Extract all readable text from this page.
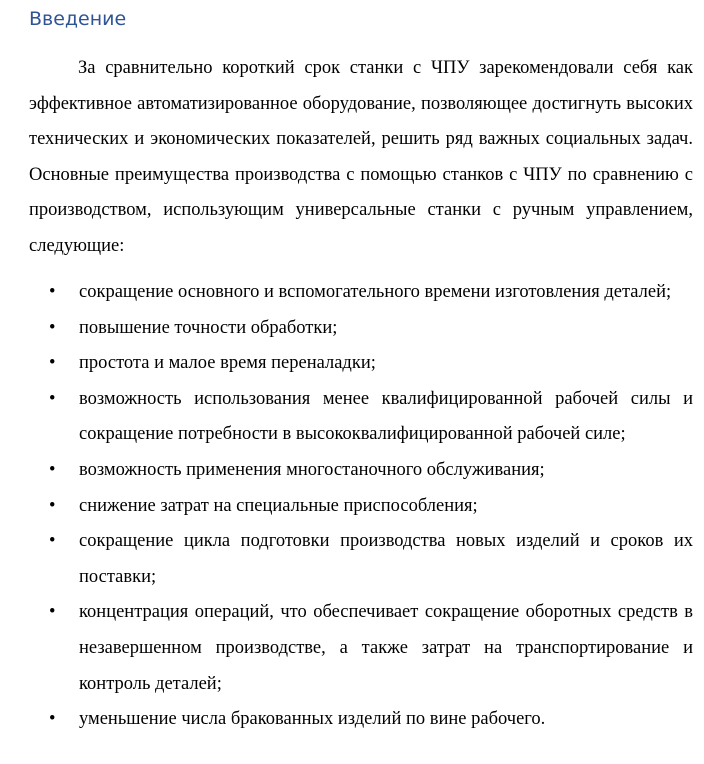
Введение

За сравнительно короткий срок станки с ЧПУ зарекомендовали себя как эффективное автоматизированное оборудование, позволяющее достигнуть высоких технических и экономических показателей, решить ряд важных социальных задач. Основные преимущества производства с помощью станков с ЧПУ по сравнению с производством, использующим универсальные станки с ручным управлением, следующие:

• сокращение основного и вспомогательного времени изготовления деталей;
• повышение точности обработки;
• простота и малое время переналадки;
• возможность использования менее квалифицированной рабочей силы и сокращение потребности в высококвалифицированной рабочей силе;
• возможность применения многостаночного обслуживания;
• снижение затрат на специальные приспособления;
• сокращение цикла подготовки производства новых изделий и сроков их поставки;
• концентрация операций, что обеспечивает сокращение оборотных средств в незавершенном производстве, а также затрат на транспортирование и контроль деталей;
• уменьшение числа бракованных изделий по вине рабочего.
